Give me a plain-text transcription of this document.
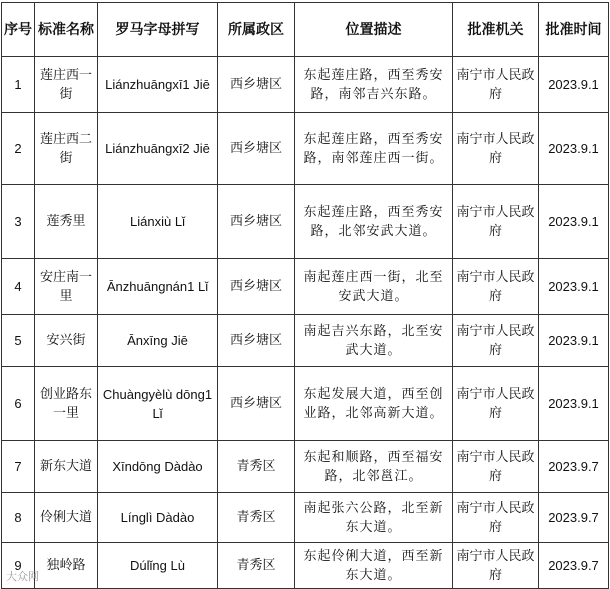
序号	标准名称	罗马字母拼写	所属政区	位置描述	批准机关	批准时间
1	莲庄西一街	Liánzhuāngxī1 Jiē	西乡塘区	东起莲庄路，西至秀安路，南邻吉兴东路。	南宁市人民政府	2023.9.1
2	莲庄西二街	Liánzhuāngxī2 Jiē	西乡塘区	东起莲庄路，西至秀安路，南邻莲庄西一街。	南宁市人民政府	2023.9.1
3	莲秀里	Liánxiù Lǐ	西乡塘区	东起莲庄路，西至秀安路，北邻安武大道。	南宁市人民政府	2023.9.1
4	安庄南一里	Ānzhuāngnán1 Lǐ	西乡塘区	南起莲庄西一街，北至安武大道。	南宁市人民政府	2023.9.1
5	安兴街	Ānxīng Jiē	西乡塘区	南起吉兴东路，北至安武大道。	南宁市人民政府	2023.9.1
6	创业路东一里	Chuàngyèlù dōng1 Lǐ	西乡塘区	东起发展大道，西至创业路，北邻高新大道。	南宁市人民政府	2023.9.1
7	新东大道	Xīndōng Dàdào	青秀区	东起和顺路，西至福安路，北邻邕江。	南宁市人民政府	2023.9.7
8	伶俐大道	Línglì Dàdào	青秀区	南起张六公路，北至新东大道。	南宁市人民政府	2023.9.7
9	独岭路	Dúlǐng Lù	青秀区	东起伶俐大道，西至新东大道。	南宁市人民政府	2023.9.7
大众网
